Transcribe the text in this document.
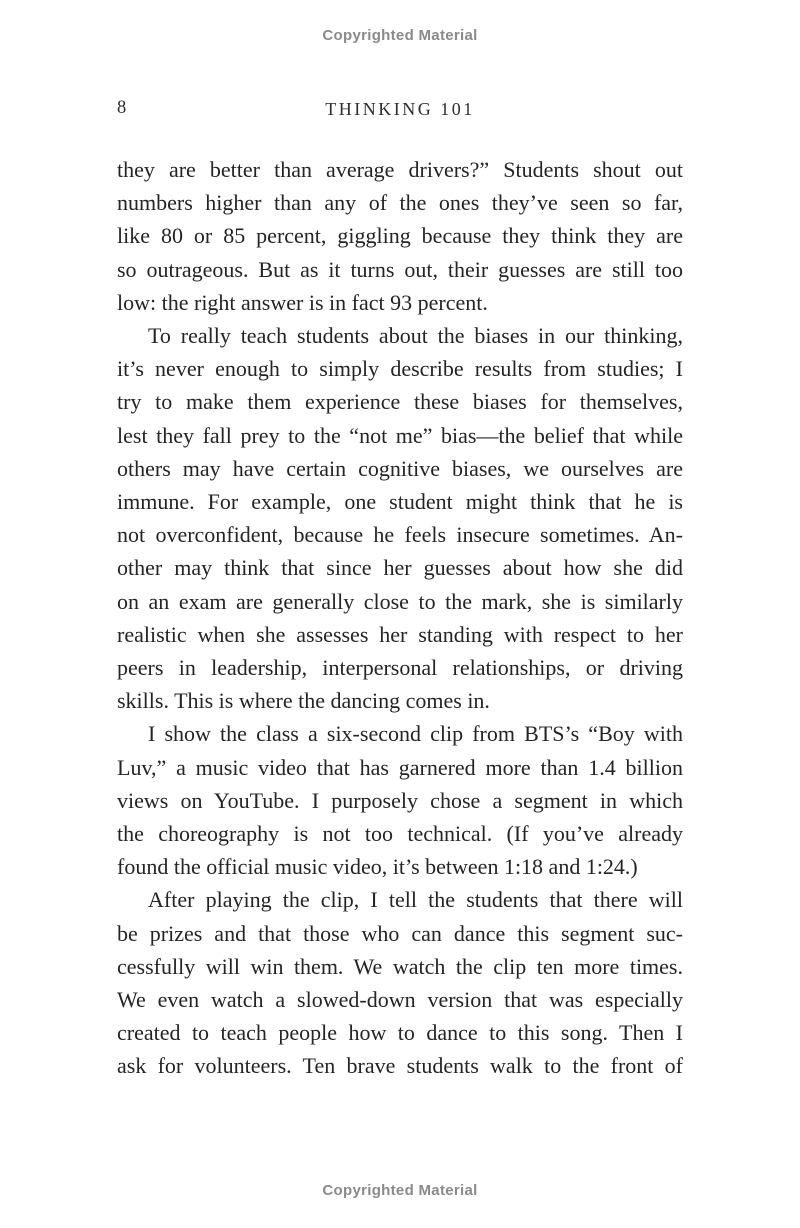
Copyrighted Material
8	THINKING 101
they are better than average drivers?” Students shout out
numbers higher than any of the ones they’ve seen so far,
like 80 or 85 percent, giggling because they think they are
so outrageous. But as it turns out, their guesses are still too
low: the right answer is in fact 93 percent.
To really teach students about the biases in our thinking,
it’s never enough to simply describe results from studies; I
try to make them experience these biases for themselves,
lest they fall prey to the “not me” bias—the belief that while
others may have certain cognitive biases, we ourselves are
immune. For example, one student might think that he is
not overconfident, because he feels insecure sometimes. An-
other may think that since her guesses about how she did
on an exam are generally close to the mark, she is similarly
realistic when she assesses her standing with respect to her
peers in leadership, interpersonal relationships, or driving
skills. This is where the dancing comes in.
I show the class a six-second clip from BTS’s “Boy with
Luv,” a music video that has garnered more than 1.4 billion
views on YouTube. I purposely chose a segment in which
the choreography is not too technical. (If you’ve already
found the official music video, it’s between 1:18 and 1:24.)
After playing the clip, I tell the students that there will
be prizes and that those who can dance this segment suc-
cessfully will win them. We watch the clip ten more times.
We even watch a slowed-down version that was especially
created to teach people how to dance to this song. Then I
ask for volunteers. Ten brave students walk to the front of
Copyrighted Material
